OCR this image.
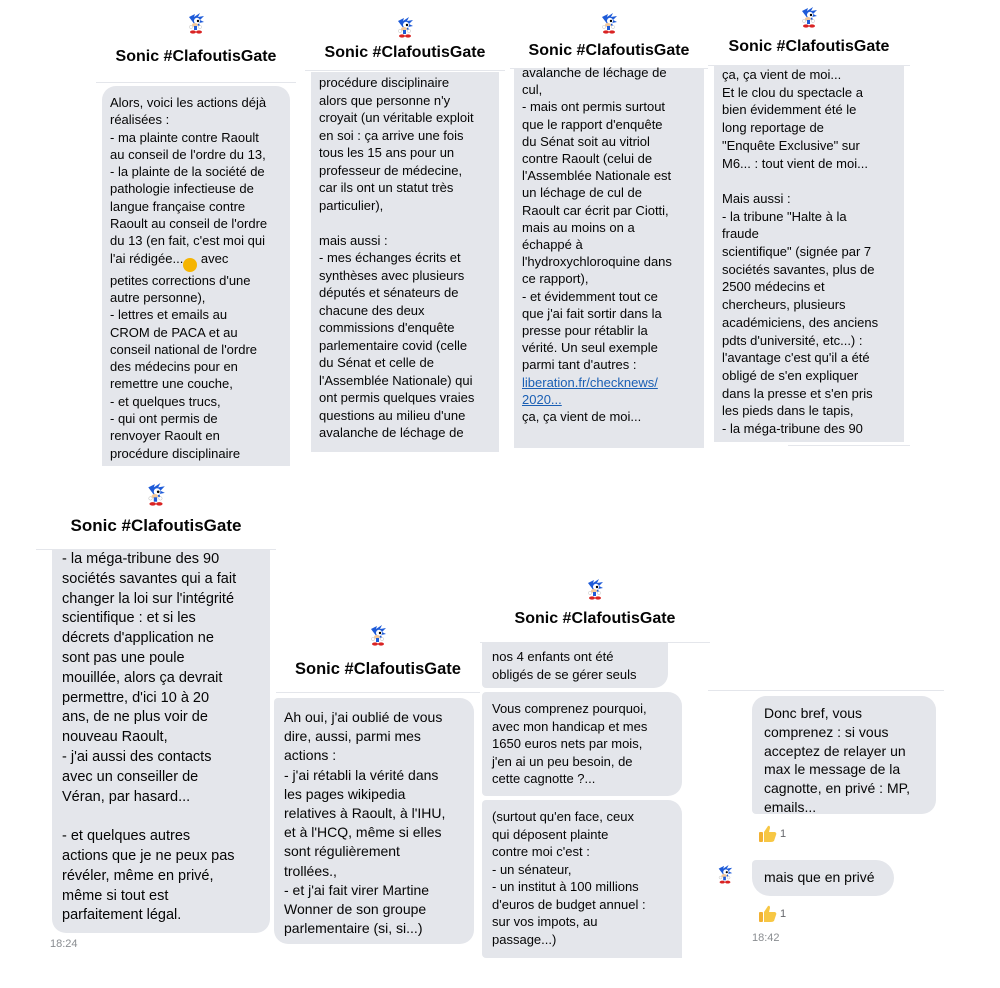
Sonic #ClafoutisGate

Alors, voici les actions déjà
réalisées :
- ma plainte contre Raoult
au conseil de l'ordre du 13,
- la plainte de la société de
pathologie infectieuse de
langue française contre
Raoult au conseil de l'ordre
du 13 (en fait, c'est moi qui
l'ai rédigée... avec
petites corrections d'une
autre personne),
- lettres et emails au
CROM de PACA et au
conseil national de l'ordre
des médecins pour en
remettre une couche,
- et quelques trucs,
- qui ont permis de
renvoyer Raoult en
procédure disciplinaire

Sonic #ClafoutisGate

procédure disciplinaire
alors que personne n'y
croyait (un véritable exploit
en soi : ça arrive une fois
tous les 15 ans pour un
professeur de médecine,
car ils ont un statut très
particulier),

mais aussi :
- mes échanges écrits et
synthèses avec plusieurs
députés et sénateurs de
chacune des deux
commissions d'enquête
parlementaire covid (celle
du Sénat et celle de
l'Assemblée Nationale) qui
ont permis quelques vraies
questions au milieu d'une
avalanche de léchage de

Sonic #ClafoutisGate

avalanche de léchage de
cul,
- mais ont permis surtout
que le rapport d'enquête
du Sénat soit au vitriol
contre Raoult (celui de
l'Assemblée Nationale est
un léchage de cul de
Raoult car écrit par Ciotti,
mais au moins on a
échappé à
l'hydroxychloroquine dans
ce rapport),
- et évidemment tout ce
que j'ai fait sortir dans la
presse pour rétablir la
vérité. Un seul exemple
parmi tant d'autres :
liberation.fr/checknews/
2020...
ça, ça vient de moi...

Sonic #ClafoutisGate

ça, ça vient de moi...
Et le clou du spectacle a
bien évidemment été le
long reportage de
"Enquête Exclusive" sur
M6... : tout vient de moi...

Mais aussi :
- la tribune "Halte à la
fraude
scientifique" (signée par 7
sociétés savantes, plus de
2500 médecins et
chercheurs, plusieurs
académiciens, des anciens
pdts d'université, etc...) :
l'avantage c'est qu'il a été
obligé de s'en expliquer
dans la presse et s'en pris
les pieds dans le tapis,
- la méga-tribune des 90

Sonic #ClafoutisGate

- la méga-tribune des 90
sociétés savantes qui a fait
changer la loi sur l'intégrité
scientifique : et si les
décrets d'application ne
sont pas une poule
mouillée, alors ça devrait
permettre, d'ici 10 à 20
ans, de ne plus voir de
nouveau Raoult,
- j'ai aussi des contacts
avec un conseiller de
Véran, par hasard...

- et quelques autres
actions que je ne peux pas
révéler, même en privé,
même si tout est
parfaitement légal.

18:24
Sonic #ClafoutisGate

Ah oui, j'ai oublié de vous
dire, aussi, parmi mes
actions :
- j'ai rétabli la vérité dans
les pages wikipedia
relatives à Raoult, à l'IHU,
et à l'HCQ, même si elles
sont régulièrement
trollées.,
- et j'ai fait virer Martine
Wonner de son groupe
parlementaire (si, si...)

Sonic #ClafoutisGate

nos 4 enfants ont été
obligés de se gérer seuls

Vous comprenez pourquoi,
avec mon handicap et mes
1650 euros nets par mois,
j'en ai un peu besoin, de
cette cagnotte ?...

(surtout qu'en face, ceux
qui déposent plainte
contre moi c'est :
- un sénateur,
- un institut à 100 millions
d'euros de budget annuel :
sur vos impots, au
passage...)

Donc bref, vous
comprenez : si vous
acceptez de relayer un
max le message de la
cagnotte, en privé : MP,
emails...

1

mais que en privé

1
18:42
